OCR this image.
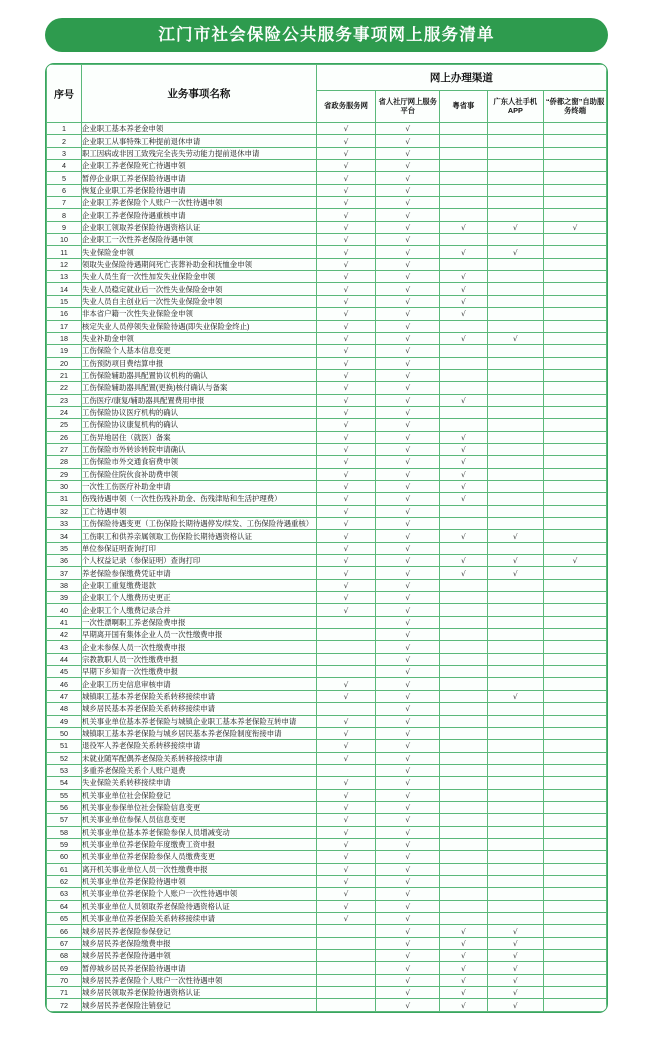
江门市社会保险公共服务事项网上服务清单
序号	业务事项名称	网上办理渠道				
		省政务服务网	省人社厅网上服务平台	粤省事	广东人社手机APP	“侨都之窗”自助服务终端
1	企业职工基本养老金申领	√	√			
2	企业职工从事特殊工种提前退休申请	√	√			
3	职工因病或非因工致残完全丧失劳动能力提前退休申请	√	√			
4	企业职工养老保险死亡待遇申领	√	√			
5	暂停企业职工养老保险待遇申请	√	√			
6	恢复企业职工养老保险待遇申请	√	√			
7	企业职工养老保险个人账户一次性待遇申领	√	√			
8	企业职工养老保险待遇重核申请	√	√			
9	企业职工领取养老保险待遇资格认证	√	√	√	√	√
10	企业职工一次性养老保险待遇申领	√	√			
11	失业保险金申领	√	√	√	√	
12	领取失业保险待遇期间死亡丧葬补助金和抚恤金申领	√	√			
13	失业人员生育一次性加发失业保险金申领	√	√	√		
14	失业人员稳定就业后一次性失业保险金申领	√	√	√		
15	失业人员自主创业后一次性失业保险金申领	√	√	√		
16	非本省户籍一次性失业保险金申领	√	√	√		
17	核定失业人员停领失业保险待遇(即失业保险金终止)	√	√			
18	失业补助金申领	√	√	√	√	
19	工伤保险个人基本信息变更	√	√			
20	工伤预防项目费结算申报	√	√			
21	工伤保险辅助器具配置协议机构的确认	√	√			
22	工伤保险辅助器具配置(更换)核付确认与备案	√	√			
23	工伤医疗/康复/辅助器具配置费用申报	√	√	√		
24	工伤保险协议医疗机构的确认	√	√			
25	工伤保险协议康复机构的确认	√	√			
26	工伤异地居住（就医）备案	√	√	√		
27	工伤保险市外转诊转院申请确认	√	√	√		
28	工伤保险市外交通食宿费申领	√	√	√		
29	工伤保险住院伙食补助费申领	√	√	√		
30	一次性工伤医疗补助金申请	√	√	√		
31	伤残待遇申领（一次性伤残补助金、伤残津贴和生活护理费）	√	√	√		
32	工亡待遇申领	√	√			
33	工伤保险待遇变更（工伤保险长期待遇停发/续发、工伤保险待遇重核）	√	√			
34	工伤职工和供养亲属领取工伤保险长期待遇资格认证	√	√	√	√	
35	单位参保证明查询打印	√	√			
36	个人权益记录（参保证明）查询打印	√	√	√	√	√
37	养老保险参保缴费凭证申请	√	√	√	√	
38	企业职工重复缴费退款	√	√			
39	企业职工个人缴费历史更正	√	√			
40	企业职工个人缴费记录合并	√	√			
41	一次性漂啊职工养老保险费申报		√			
42	早期离开国有集体企业人员一次性缴费申报		√			
43	企业未参保人员一次性缴费申报		√			
44	宗教教职人员一次性缴费申报		√			
45	早期下乡知青一次性缴费申报		√			
46	企业职工历史信息审核申请	√	√			
47	城镇职工基本养老保险关系转移接续申请	√	√		√	
48	城乡居民基本养老保险关系转移接续申请		√			
49	机关事业单位基本养老保险与城镇企业职工基本养老保险互转申请	√	√			
50	城镇职工基本养老保险与城乡居民基本养老保险制度衔接申请	√	√			
51	退役军人养老保险关系转移接续申请	√	√			
52	未就业随军配偶养老保险关系转移接续申请	√	√			
53	多重养老保险关系个人账户退费		√			
54	失业保险关系转移接续申请	√	√			
55	机关事业单位社会保险登记	√	√			
56	机关事业参保单位社会保险信息变更	√	√			
57	机关事业单位参保人员信息变更	√	√			
58	机关事业单位基本养老保险参保人员增减变动	√	√			
59	机关事业单位养老保险年度缴费工资申报	√	√			
60	机关事业单位养老保险参保人员缴费变更	√	√			
61	离开机关事业单位人员一次性缴费申报	√	√			
62	机关事业单位养老保险待遇申领	√	√			
63	机关事业单位养老保险个人账户一次性待遇申领	√	√			
64	机关事业单位人员领取养老保险待遇资格认证	√	√			
65	机关事业单位养老保险关系转移接续申请	√	√			
66	城乡居民养老保险参保登记		√	√	√	
67	城乡居民养老保险缴费申报		√	√	√	
68	城乡居民养老保险待遇申领		√	√	√	
69	暂停城乡居民养老保险待遇申请		√	√	√	
70	城乡居民养老保险个人账户一次性待遇申领		√	√	√	
71	城乡居民领取养老保险待遇资格认证		√	√	√	
72	城乡居民养老保险注销登记		√	√	√	
